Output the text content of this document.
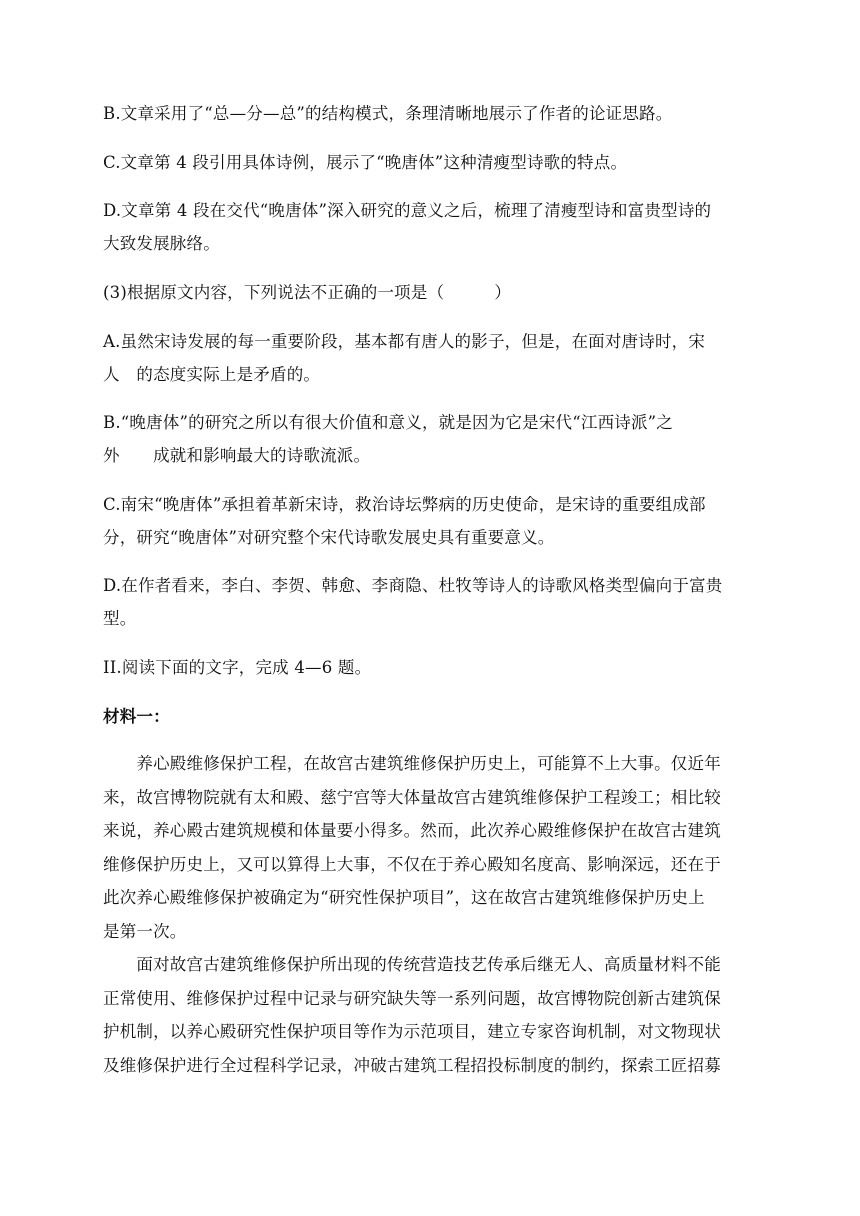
B.文章采用了“总—分—总”的结构模式，条理清晰地展示了作者的论证思路。
C.文章第 4 段引用具体诗例，展示了“晚唐体”这种清瘦型诗歌的特点。
D.文章第 4 段在交代“晚唐体”深入研究的意义之后，梳理了清瘦型诗和富贵型诗的
大致发展脉络。
(3)根据原文内容，下列说法不正确的一项是（　　　）
A.虽然宋诗发展的每一重要阶段，基本都有唐人的影子，但是，在面对唐诗时，宋
人　的态度实际上是矛盾的。
B.“晚唐体”的研究之所以有很大价值和意义，就是因为它是宋代“江西诗派”之
外　　成就和影响最大的诗歌流派。
C.南宋“晚唐体”承担着革新宋诗，救治诗坛弊病的历史使命，是宋诗的重要组成部
分，研究“晚唐体”对研究整个宋代诗歌发展史具有重要意义。
D.在作者看来，李白、李贺、韩愈、李商隐、杜牧等诗人的诗歌风格类型偏向于富贵
型。
II.阅读下面的文字，完成 4—6 题。
材料一：
　　养心殿维修保护工程，在故宫古建筑维修保护历史上，可能算不上大事。仅近年
来，故宫博物院就有太和殿、慈宁宫等大体量故宫古建筑维修保护工程竣工；相比较
来说，养心殿古建筑规模和体量要小得多。然而，此次养心殿维修保护在故宫古建筑
维修保护历史上，又可以算得上大事，不仅在于养心殿知名度高、影响深远，还在于
此次养心殿维修保护被确定为“研究性保护项目”，这在故宫古建筑维修保护历史上
是第一次。
　　面对故宫古建筑维修保护所出现的传统营造技艺传承后继无人、高质量材料不能
正常使用、维修保护过程中记录与研究缺失等一系列问题，故宫博物院创新古建筑保
护机制，以养心殿研究性保护项目等作为示范项目，建立专家咨询机制，对文物现状
及维修保护进行全过程科学记录，冲破古建筑工程招投标制度的制约，探索工匠招募
